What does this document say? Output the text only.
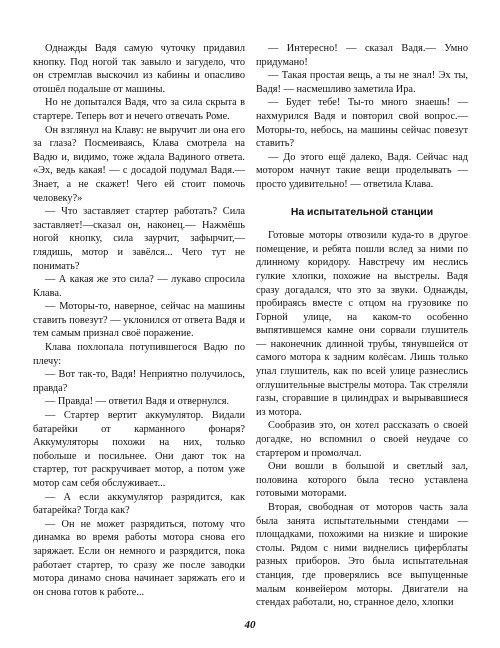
Однажды Вадя самую чуточку придавил кнопку. Под ногой так завыло и загудело, что он стремглав выскочил из кабины и опасливо отошёл подальше от машины.

Но не допытался Вадя, что за сила скрыта в стартере. Теперь вот и нечего отвечать Роме.

Он взглянул на Клаву: не выручит ли она его за глаза? Посмеиваясь, Клава смотрела на Вадю и, видимо, тоже ждала Вадиного ответа. «Эх, ведь какая! — с досадой подумал Вадя.— Знает, а не скажет! Чего ей стоит помочь человеку?»

— Что заставляет стартер работать? Сила заставляет!—сказал он, наконец.— Нажмёшь ногой кнопку, сила заурчит, зафырчит,— глядишь, мотор и завёлся... Чего тут не понимать?

— А какая же это сила? — лукаво спросила Клава.

— Моторы-то, наверное, сейчас на машины ставить повезут? — уклонился от ответа Вадя и тем самым признал своё поражение.

Клава похлопала потупившегося Вадю по плечу:

— Вот так-то, Вадя! Неприятно получилось, правда?

— Правда! — ответил Вадя и отвернулся.

— Стартер вертит аккумулятор. Видали батарейки от карманного фонаря? Аккумуляторы похожи на них, только побольше и посильнее. Они дают ток на стартер, тот раскручивает мотор, а потом уже мотор сам себя обслуживает...

— А если аккумулятор разрядится, как батарейка? Тогда как?

— Он не может разрядиться, потому что динамка во время работы мотора снова его заряжает. Если он немного и разрядится, пока работает стартер, то сразу же после заводки мотора динамо снова начинает заряжать его и он снова готов к работе...

— Интересно! — сказал Вадя.— Умно придумано!

— Такая простая вещь, а ты не знал! Эх ты, Вадя! — насмешливо заметила Ира.

— Будет тебе! Ты-то много знаешь! — нахмурился Вадя и повторил свой вопрос.— Моторы-то, небось, на машины сейчас повезут ставить?

— До этого ещё далеко, Вадя. Сейчас над мотором начнут такие вещи проделывать — просто удивительно! — ответила Клава.

На испытательной станции

Готовые моторы отвозили куда-то в другое помещение, и ребята пошли вслед за ними по длинному коридору. Навстречу им неслись гулкие хлопки, похожие на выстрелы. Вадя сразу догадался, что это за звуки. Однажды, пробираясь вместе с отцом на грузовике по Горной улице, на каком-то особенно выпятившемся камне они сорвали глушитель — наконечник длинной трубы, тянувшейся от самого мотора к задним колёсам. Лишь только упал глушитель, как по всей улице разнеслись оглушительные выстрелы мотора. Так стреляли газы, сгоравшие в цилиндрах и вырывавшиеся из мотора.

Сообразив это, он хотел рассказать о своей догадке, но вспомнил о своей неудаче со стартером и промолчал.

Они вошли в большой и светлый зал, половина которого была тесно уставлена готовыми моторами.

Вторая, свободная от моторов часть зала была занята испытательными стендами — площадками, похожими на низкие и широкие столы. Рядом с ними виднелись циферблаты разных приборов. Это была испытательная станция, где проверялись все выпущенные малым конвейером моторы. Двигатели на стендах работали, но, странное дело, хлопки

40
